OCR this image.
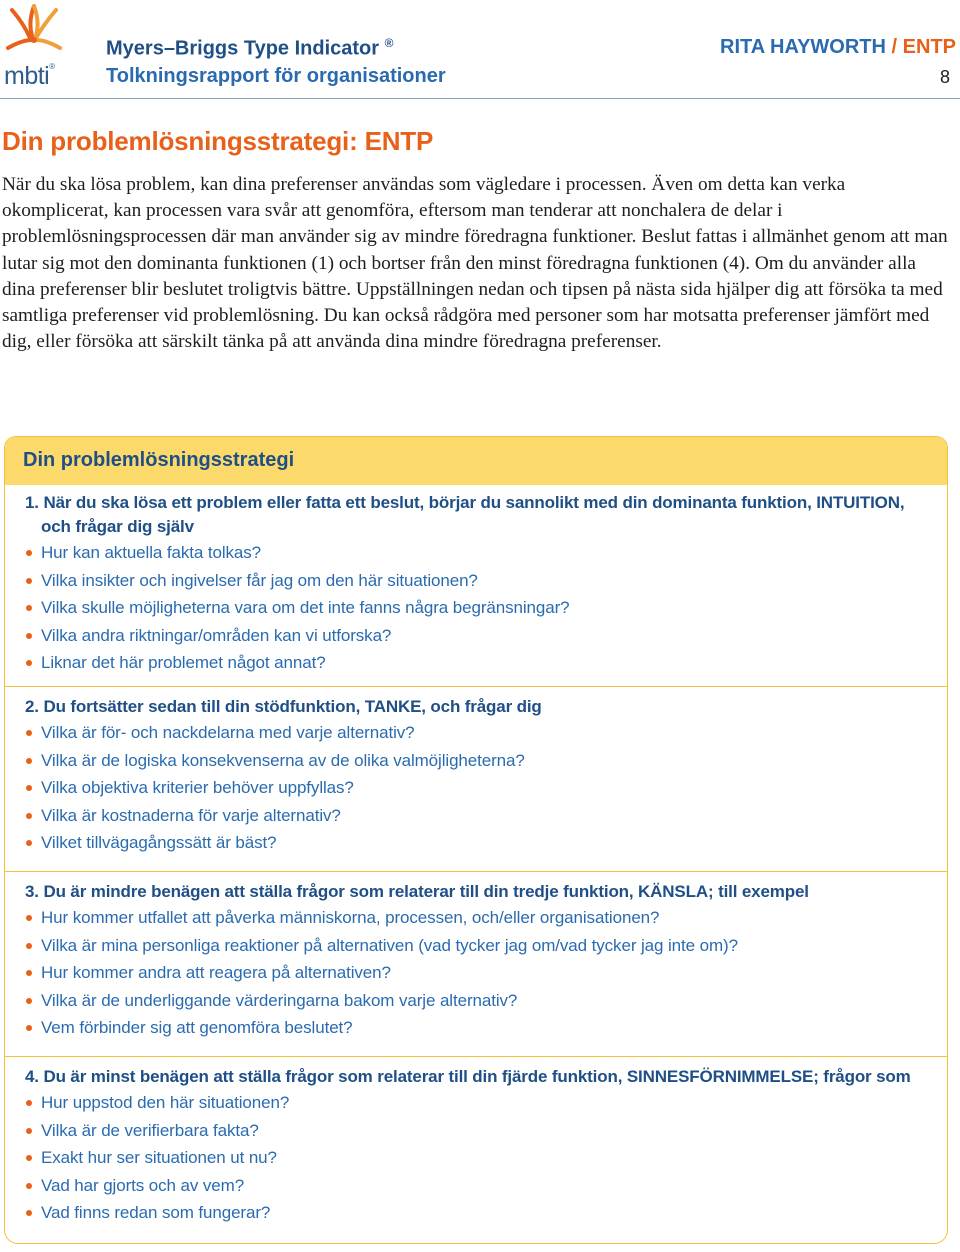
mbti®
Myers–Briggs Type Indicator ®
Tolkningsrapport för organisationer
RITA HAYWORTH / ENTP
8
Din problemlösningsstrategi: ENTP

När du ska lösa problem, kan dina preferenser användas som vägledare i processen. Även om detta kan verka okomplicerat, kan processen vara svår att genomföra, eftersom man tenderar att nonchalera de delar i problemlösningsprocessen där man använder sig av mindre föredragna funktioner. Beslut fattas i allmänhet genom att man lutar sig mot den dominanta funktionen (1) och bortser från den minst föredragna funktionen (4). Om du använder alla dina preferenser blir beslutet troligtvis bättre. Uppställningen nedan och tipsen på nästa sida hjälper dig att försöka ta med samtliga preferenser vid problemlösning. Du kan också rådgöra med personer som har motsatta preferenser jämfört med dig, eller försöka att särskilt tänka på att använda dina mindre föredragna preferenser.

Din problemlösningsstrategi
1. När du ska lösa ett problem eller fatta ett beslut, börjar du sannolikt med din dominanta funktion, INTUITION, och frågar dig själv
Hur kan aktuella fakta tolkas?
Vilka insikter och ingivelser får jag om den här situationen?
Vilka skulle möjligheterna vara om det inte fanns några begränsningar?
Vilka andra riktningar/områden kan vi utforska?
Liknar det här problemet något annat?
2. Du fortsätter sedan till din stödfunktion, TANKE, och frågar dig
Vilka är för- och nackdelarna med varje alternativ?
Vilka är de logiska konsekvenserna av de olika valmöjligheterna?
Vilka objektiva kriterier behöver uppfyllas?
Vilka är kostnaderna för varje alternativ?
Vilket tillvägagångssätt är bäst?
3. Du är mindre benägen att ställa frågor som relaterar till din tredje funktion, KÄNSLA; till exempel
Hur kommer utfallet att påverka människorna, processen, och/eller organisationen?
Vilka är mina personliga reaktioner på alternativen (vad tycker jag om/vad tycker jag inte om)?
Hur kommer andra att reagera på alternativen?
Vilka är de underliggande värderingarna bakom varje alternativ?
Vem förbinder sig att genomföra beslutet?
4. Du är minst benägen att ställa frågor som relaterar till din fjärde funktion, SINNESFÖRNIMMELSE; frågor som
Hur uppstod den här situationen?
Vilka är de verifierbara fakta?
Exakt hur ser situationen ut nu?
Vad har gjorts och av vem?
Vad finns redan som fungerar?
